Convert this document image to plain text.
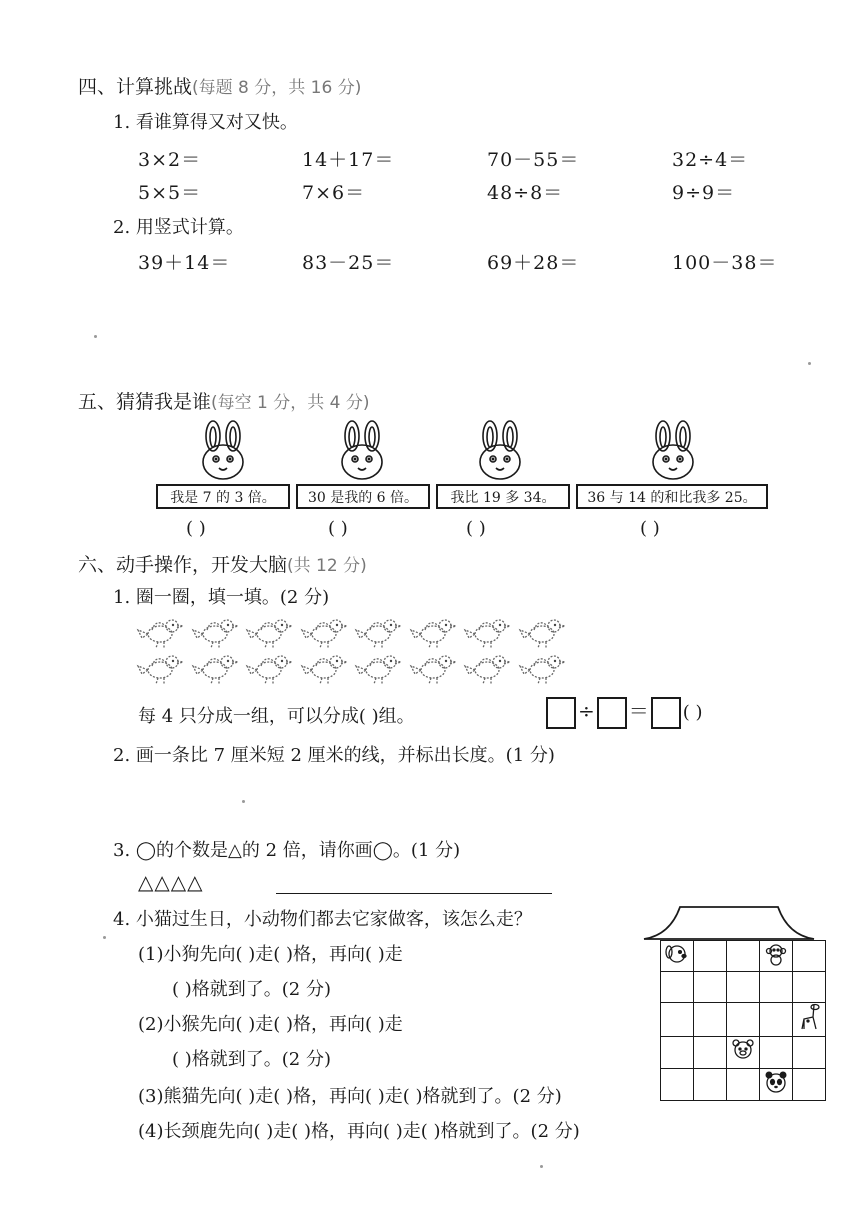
四、计算挑战(每题 8 分，共 16 分)
1. 看谁算得又对又快。
3×2＝	14＋17＝	70－55＝	32÷4＝
5×5＝	7×6＝	48÷8＝	9÷9＝
2. 用竖式计算。
39＋14＝	83－25＝	69＋28＝	100－38＝
五、猜猜我是谁(每空 1 分，共 4 分)
我是 7 的 3 倍。	30 是我的 6 倍。	我比 19 多 34。	36 与 14 的和比我多 25。
( )	( )	( )	( )
六、动手操作，开发大脑(共 12 分)
1. 圈一圈，填一填。(2 分)
每 4 只分成一组，可以分成( )组。	÷ ＝ ( )
2. 画一条比 7 厘米短 2 厘米的线，并标出长度。(1 分)
3. ◯的个数是△的 2 倍，请你画◯。(1 分)
△△△△
4. 小猫过生日，小动物们都去它家做客，该怎么走？
(1)小狗先向( )走( )格，再向( )走
( )格就到了。(2 分)
(2)小猴先向( )走( )格，再向( )走
( )格就到了。(2 分)
(3)熊猫先向( )走( )格，再向( )走( )格就到了。(2 分)
(4)长颈鹿先向( )走( )格，再向( )走( )格就到了。(2 分)
